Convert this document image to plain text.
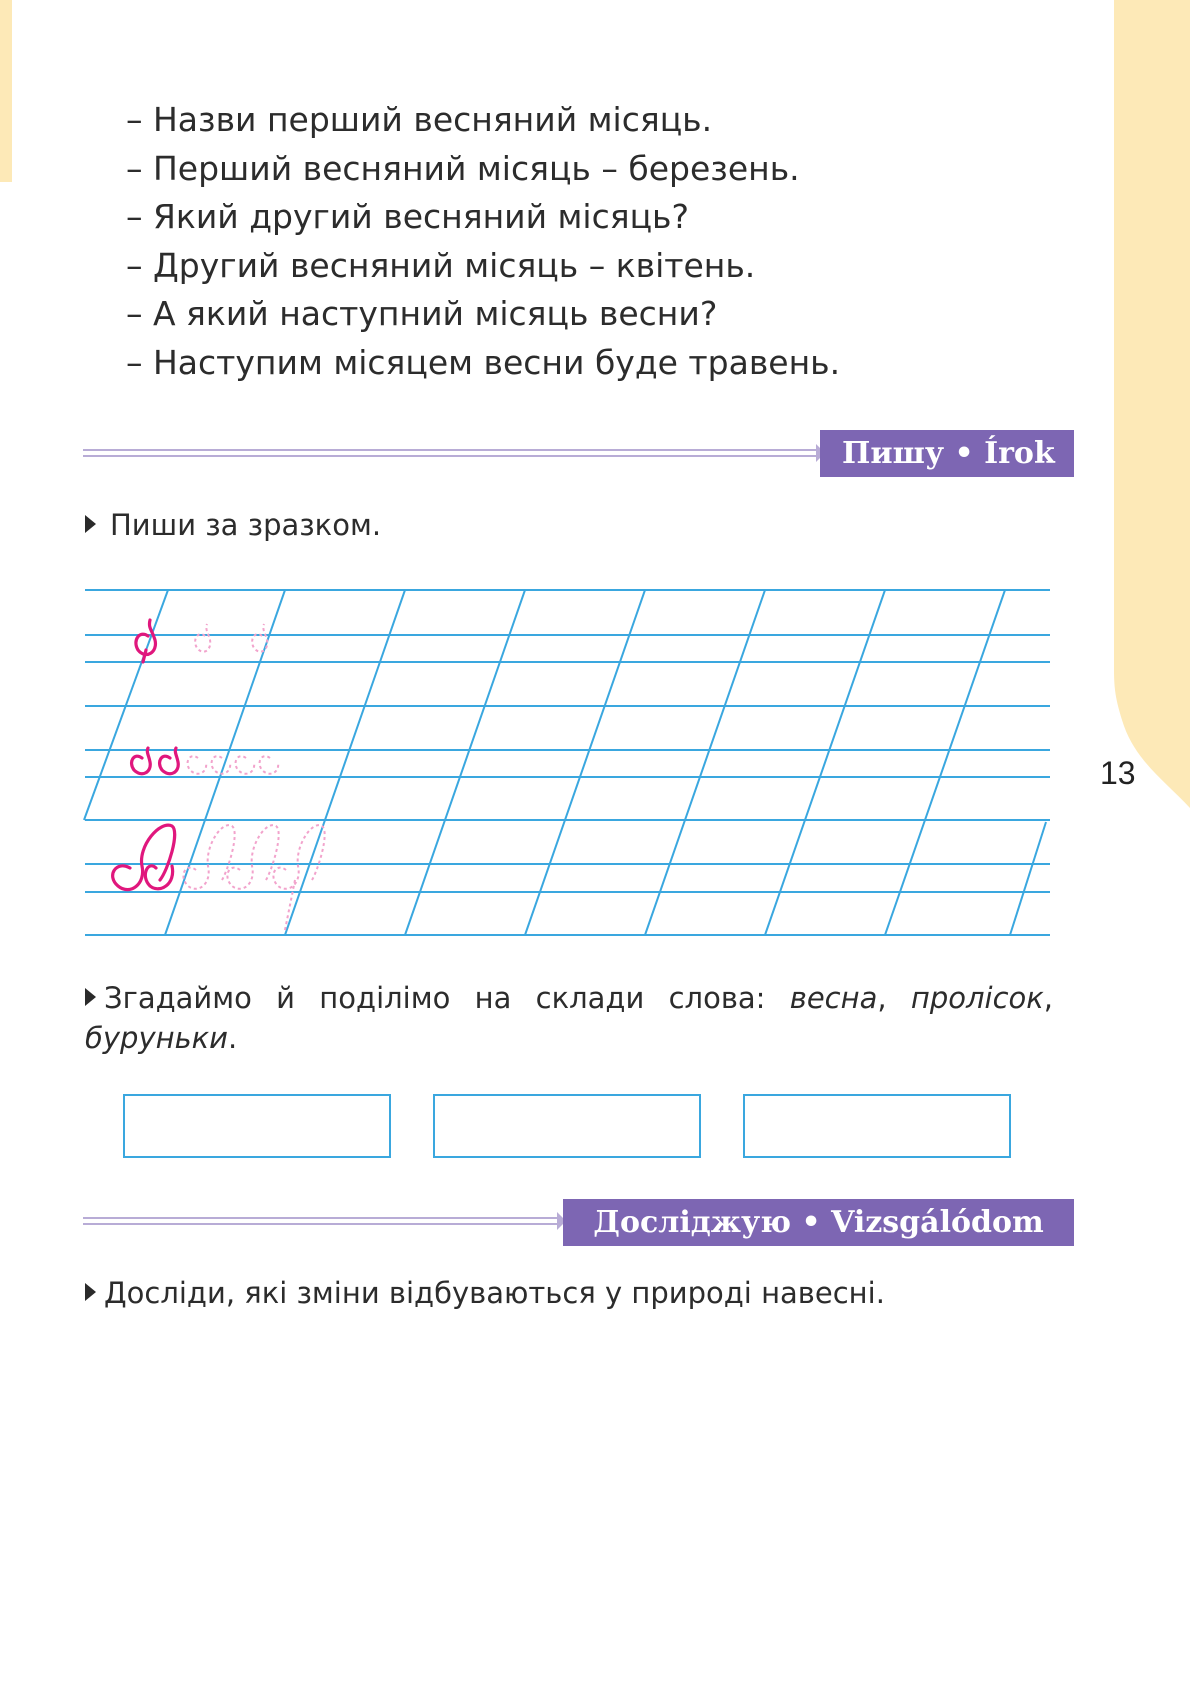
13
– Назви перший весняний місяць.
– Перший весняний місяць – березень.
– Який другий весняний місяць?
– Другий весняний місяць – квітень.
– А який наступний місяць весни?
– Наступим місяцем весни буде травень.
Пишу • Írok
Пиши за зразком.
Згадаймо й поділімо на склади слова: весна, пролісок, буруньки.
Досліджую • Vizsgálódom
Досліди, які зміни відбуваються у природі навесні.
